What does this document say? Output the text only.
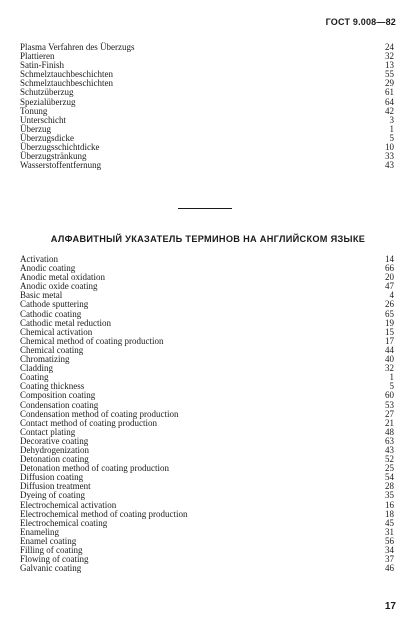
ГОСТ 9.008—82
Plasma Verfahren des Überzugs	24
Plattieren	32
Satin-Finish	13
Schmelztauchbeschichten	55
Schmelztauchbeschichten	29
Schutzüberzug	61
Spezialüberzug	64
Tonung	42
Unterschicht	3
Überzug	1
Überzugsdicke	5
Überzugsschichtdicke	10
Überzugstränkung	33
Wasserstoffentfernung	43
АЛФАВИТНЫЙ УКАЗАТЕЛЬ ТЕРМИНОВ НА АНГЛИЙСКОМ ЯЗЫКЕ
Activation	14
Anodic coating	66
Anodic metal oxidation	20
Anodic oxide coating	47
Basic metal	4
Cathode sputtering	26
Cathodic coating	65
Cathodic metal reduction	19
Chemical activation	15
Chemical method of coating production	17
Chemical coating	44
Chromatizing	40
Cladding	32
Coating	1
Coating thickness	5
Composition coating	60
Condensation coating	53
Condensation method of coating production	27
Contact method of coating production	21
Contact plating	48
Decorative coating	63
Dehydrogenization	43
Detonation coating	52
Detonation method of coating production	25
Diffusion coating	54
Diffusion treatment	28
Dyeing of coating	35
Electrochemical activation	16
Electrochemical method of coating production	18
Electrochemical coating	45
Enameling	31
Enamel coating	56
Filling of coating	34
Flowing of coating	37
Galvanic coating	46
17
